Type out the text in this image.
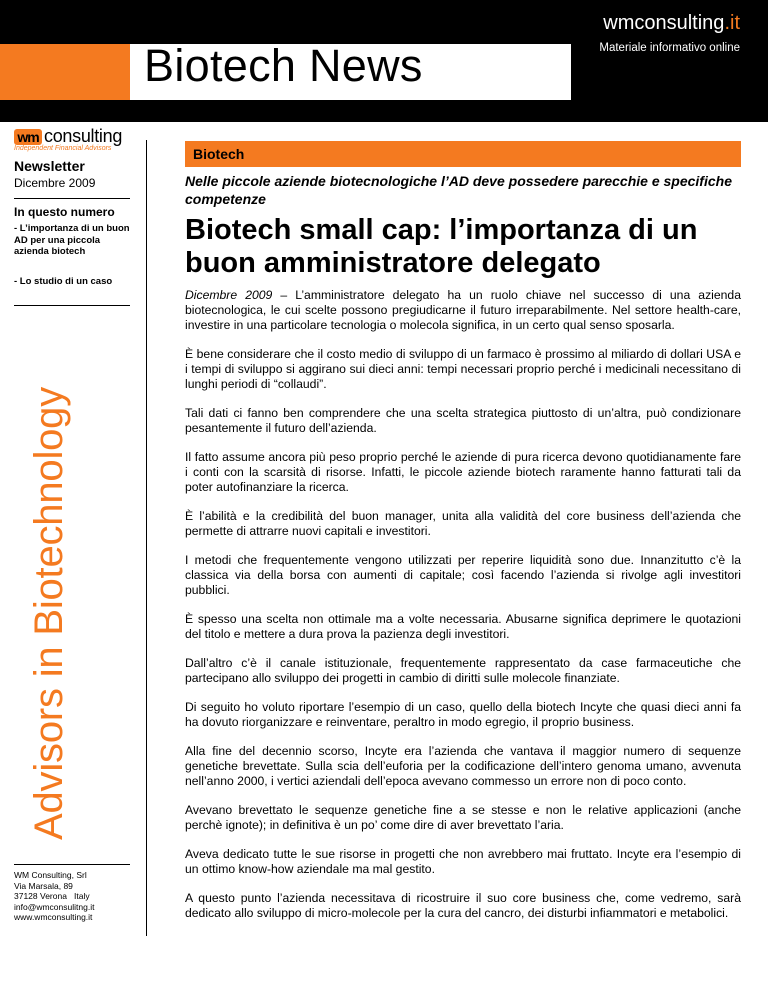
Biotech News
wmconsulting.it
Materiale informativo online
wm consulting
Independent Financial Advisors
Newsletter
Dicembre 2009
In questo numero
- L’importanza di un buon AD per una piccola azienda biotech
- Lo studio di un caso
Advisors in Biotechnology
WM Consulting, Srl
Via Marsala, 89
37128 Verona   Italy
info@wmconsulitng.it
www.wmconsulting.it
Biotech
Nelle piccole aziende biotecnologiche l’AD deve possedere parecchie e specifiche competenze
Biotech small cap: l’importanza di un buon amministratore delegato

Dicembre 2009 – L’amministratore delegato ha un ruolo chiave nel successo di una azienda biotecnologica, le cui scelte possono pregiudicarne il futuro irreparabilmente. Nel settore health-care, investire in una particolare tecnologia o molecola significa, in un certo qual senso sposarla.

È bene considerare che il costo medio di sviluppo di un farmaco è prossimo al miliardo di dollari USA e i tempi di sviluppo si aggirano sui dieci anni: tempi necessari proprio perché i medicinali necessitano di lunghi periodi di “collaudi”.

Tali dati ci fanno ben comprendere che una scelta strategica piuttosto di un’altra, può condizionare pesantemente il futuro dell’azienda.

Il fatto assume ancora più peso proprio perché le aziende di pura ricerca devono quotidianamente fare i conti con la scarsità di risorse. Infatti, le piccole aziende biotech raramente hanno fatturati tali da poter autofinanziare la ricerca.

È l’abilità e la credibilità del buon manager, unita alla validità del core business dell’azienda che permette di attrarre nuovi capitali e investitori.

I metodi che frequentemente vengono utilizzati per reperire liquidità sono due. Innanzitutto c’è la classica via della borsa con aumenti di capitale; così facendo l’azienda si rivolge agli investitori pubblici.

È spesso una scelta non ottimale ma a volte necessaria. Abusarne significa deprimere le quotazioni del titolo e mettere a dura prova la pazienza degli investitori.

Dall’altro c’è il canale istituzionale, frequentemente rappresentato da case farmaceutiche che partecipano allo sviluppo dei progetti in cambio di diritti sulle molecole finanziate.

Di seguito ho voluto riportare l’esempio di un caso, quello della biotech Incyte che quasi dieci anni fa ha dovuto riorganizzare e reinventare, peraltro in modo egregio, il proprio business.

Alla fine del decennio scorso, Incyte era l’azienda che vantava il maggior numero di sequenze genetiche brevettate. Sulla scia dell’euforia per la codificazione dell’intero genoma umano, avvenuta nell’anno 2000, i vertici aziendali dell’epoca avevano commesso un errore non di poco conto.

Avevano brevettato le sequenze genetiche fine a se stesse e non le relative applicazioni (anche perchè ignote); in definitiva è un po’ come dire di aver brevettato l’aria.

Aveva dedicato tutte le sue risorse in progetti che non avrebbero mai fruttato. Incyte era l’esempio di un ottimo know-how aziendale ma mal gestito.

A questo punto l’azienda necessitava di ricostruire il suo core business che, come vedremo, sarà dedicato allo sviluppo di micro-molecole per la cura del cancro, dei disturbi infiammatori e metabolici.
